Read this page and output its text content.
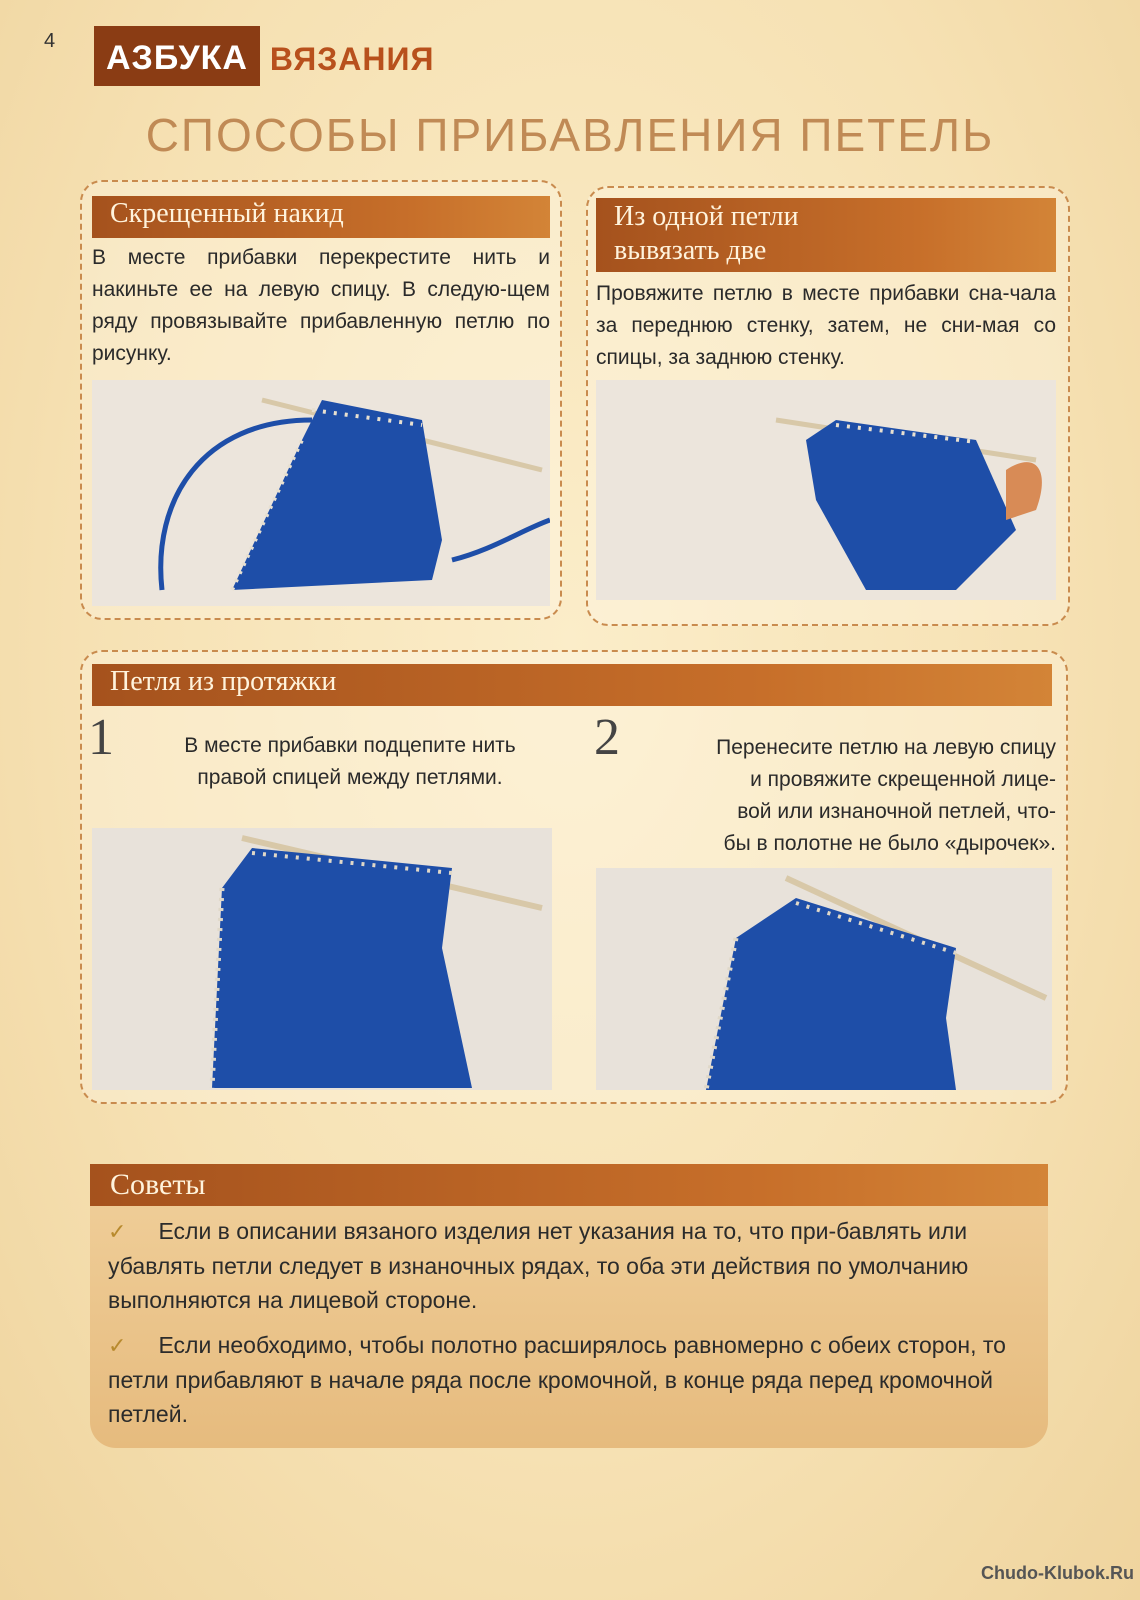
4	АЗБУКА ВЯЗАНИЯ
СПОСОБЫ ПРИБАВЛЕНИЯ ПЕТЕЛЬ
Скрещенный накид
В месте прибавки перекрестите нить и накиньте ее на левую спицу. В следую-щем ряду провязывайте прибавленную петлю по рисунку.
Из одной петли
вывязать две
Провяжите петлю в месте прибавки сна-чала за переднюю стенку, затем, не сни-мая со спицы, за заднюю стенку.
Петля из протяжки
1	В месте прибавки подцепите нить
правой спицей между петлями.
2	Перенесите петлю на левую спицу
и провяжите скрещенной лице-
вой или изнаночной петлей, что-
бы в полотне не было «дырочек».
Советы
✓ Если в описании вязаного изделия нет указания на то, что при-бавлять или убавлять петли следует в изнаночных рядах, то оба эти действия по умолчанию выполняются на лицевой стороне.
✓ Если необходимо, чтобы полотно расширялось равномерно с обеих сторон, то петли прибавляют в начале ряда после кромочной, в конце ряда перед кромочной петлей.
Chudo-Klubok.Ru
